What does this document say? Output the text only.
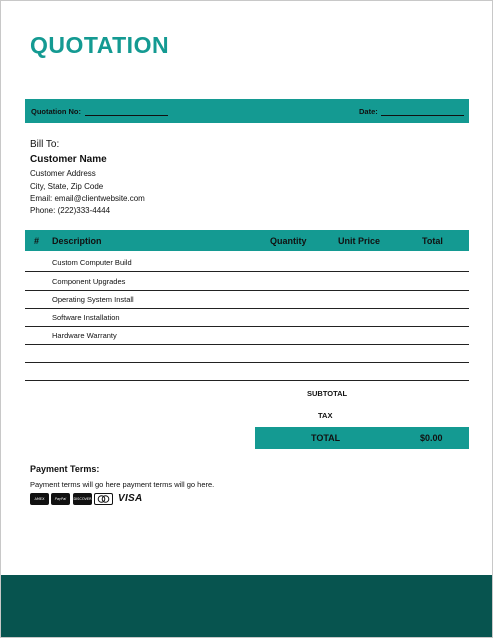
QUOTATION
Quotation No:	Date:
Bill To:
Customer Name
Customer Address
City, State, Zip Code
Email: email@clientwebsite.com
Phone: (222)333-4444
# Description	Quantity	Unit Price	Total
Custom Computer Build
Component Upgrades
Operating System Install
Software Installation
Hardware Warranty
SUBTOTAL
TAX
TOTAL	$0.00
Payment Terms:
Payment terms will go here payment terms will go here.
AMEX	PayPal	DISCOVER	VISA
